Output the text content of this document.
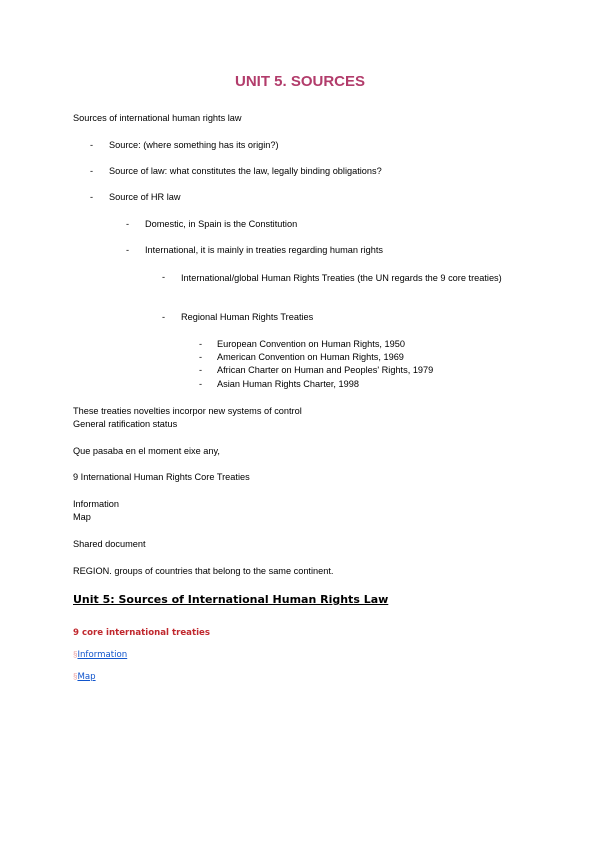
UNIT 5. SOURCES
Sources of international human rights law
- Source: (where something has its origin?)
- Source of law: what constitutes the law, legally binding obligations?
- Source of HR law
- Domestic, in Spain is the Constitution
- International, it is mainly in treaties regarding human rights
- International/global Human Rights Treaties (the UN regards the 9 core treaties)
- Regional Human Rights Treaties
- European Convention on Human Rights, 1950
- American Convention on Human Rights, 1969
- African Charter on Human and Peoples' Rights, 1979
- Asian Human Rights Charter, 1998
These treaties novelties incorpor new systems of control
General ratification status
Que pasaba en el moment eixe any,
9 International Human Rights Core Treaties
Information
Map
Shared document
REGION. groups of countries that belong to the same continent.
Unit 5: Sources of International Human Rights Law
9 core international treaties
§Information
§Map
